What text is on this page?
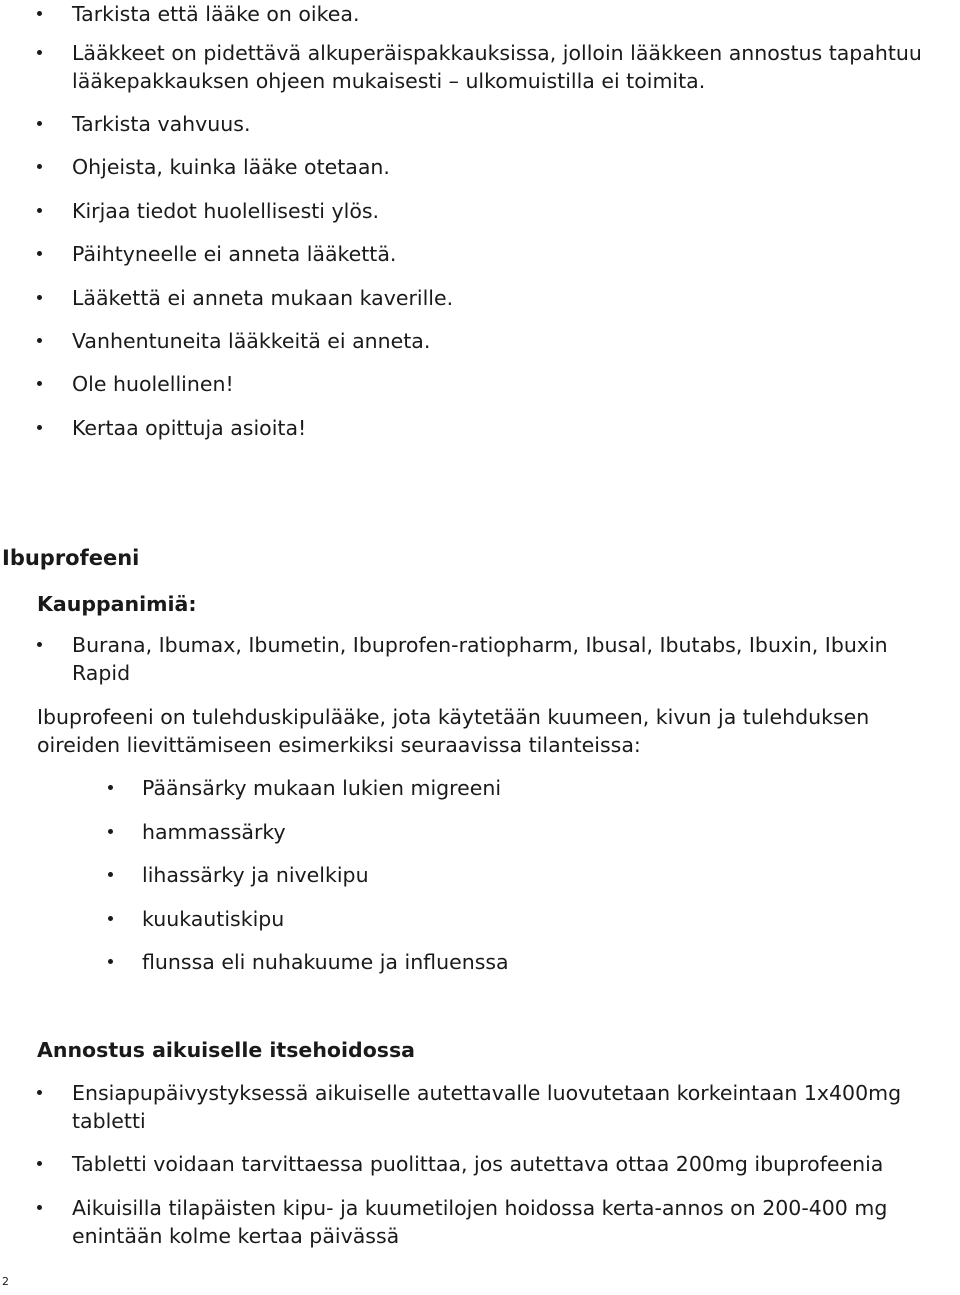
Tarkista että lääke on oikea.
Lääkkeet on pidettävä alkuperäispakkauksissa, jolloin lääkkeen annostus tapahtuu
lääkepakkauksen ohjeen mukaisesti – ulkomuistilla ei toimita.
Tarkista vahvuus.
Ohjeista, kuinka lääke otetaan.
Kirjaa tiedot huolellisesti ylös.
Päihtyneelle ei anneta lääkettä.
Lääkettä ei anneta mukaan kaverille.
Vanhentuneita lääkkeitä ei anneta.
Ole huolellinen!
Kertaa opittuja asioita!
Ibuprofeeni
Kauppanimiä:
Burana, Ibumax, Ibumetin, Ibuprofen-ratiopharm, Ibusal, Ibutabs, Ibuxin, Ibuxin
Rapid
Ibuprofeeni on tulehduskipulääke, jota käytetään kuumeen, kivun ja tulehduksen
oireiden lievittämiseen esimerkiksi seuraavissa tilanteissa:
Päänsärky mukaan lukien migreeni
hammassärky
lihassärky ja nivelkipu
kuukautiskipu
flunssa eli nuhakuume ja influenssa
Annostus aikuiselle itsehoidossa
Ensiapupäivystyksessä aikuiselle autettavalle luovutetaan korkeintaan 1x400mg
tabletti
Tabletti voidaan tarvittaessa puolittaa, jos autettava ottaa 200mg ibuprofeenia
Aikuisilla tilapäisten kipu- ja kuumetilojen hoidossa kerta-annos on 200-400 mg
enintään kolme kertaa päivässä
2
